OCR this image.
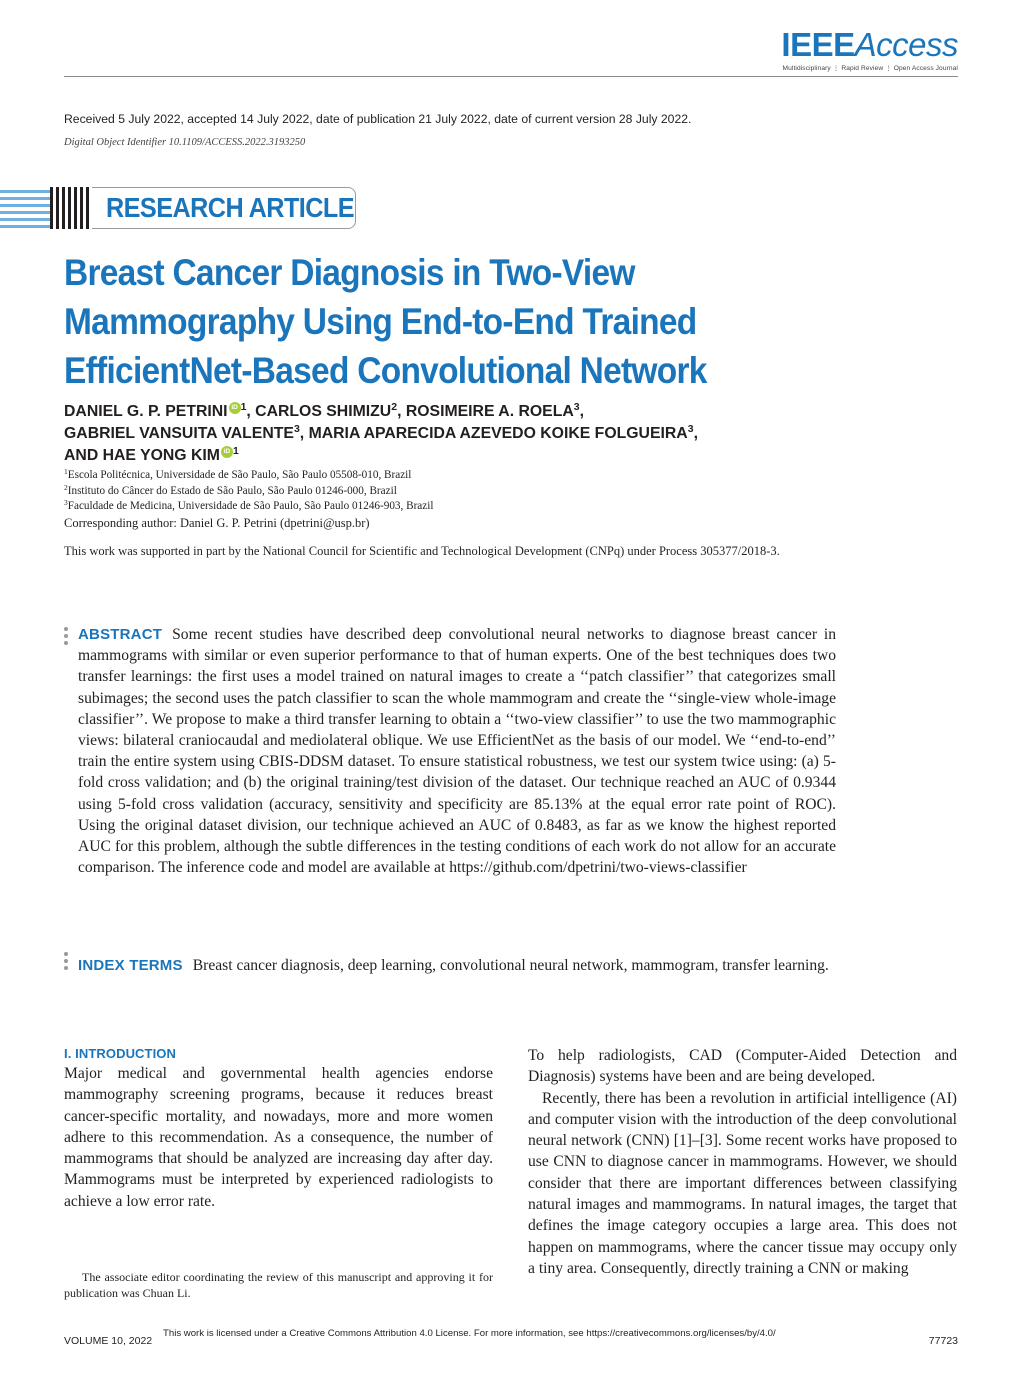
IEEEAccess
Multidisciplinary ⋮ Rapid Review ⋮ Open Access Journal
Received 5 July 2022, accepted 14 July 2022, date of publication 21 July 2022, date of current version 28 July 2022.
Digital Object Identifier 10.1109/ACCESS.2022.3193250
RESEARCH ARTICLE
Breast Cancer Diagnosis in Two-View
Mammography Using End-to-End Trained
EfficientNet-Based Convolutional Network
DANIEL G. P. PETRINI iD $^1$, CARLOS SHIMIZU$^2$, ROSIMEIRE A. ROELA$^3$,
GABRIEL VANSUITA VALENTE$^3$, MARIA APARECIDA AZEVEDO KOIKE FOLGUEIRA$^3$,
AND HAE YONG KIM iD $^1$
$^1$Escola Politécnica, Universidade de São Paulo, São Paulo 05508-010, Brazil
$^2$Instituto do Câncer do Estado de São Paulo, São Paulo 01246-000, Brazil
$^3$Faculdade de Medicina, Universidade de São Paulo, São Paulo 01246-903, Brazil
Corresponding author: Daniel G. P. Petrini (dpetrini@usp.br)
This work was supported in part by the National Council for Scientific and Technological Development (CNPq) under Process 305377/2018-3.
ABSTRACT Some recent studies have described deep convolutional neural networks to diagnose breast cancer in mammograms with similar or even superior performance to that of human experts. One of the best techniques does two transfer learnings: the first uses a model trained on natural images to create a ‘‘patch classifier’’ that categorizes small subimages; the second uses the patch classifier to scan the whole mammogram and create the ‘‘single-view whole-image classifier’’. We propose to make a third transfer learning to obtain a ‘‘two-view classifier’’ to use the two mammographic views: bilateral craniocaudal and mediolateral oblique. We use EfficientNet as the basis of our model. We ‘‘end-to-end’’ train the entire system using CBIS-DDSM dataset. To ensure statistical robustness, we test our system twice using: (a) 5-fold cross validation; and (b) the original training/test division of the dataset. Our technique reached an AUC of 0.9344 using 5-fold cross validation (accuracy, sensitivity and specificity are 85.13% at the equal error rate point of ROC). Using the original dataset division, our technique achieved an AUC of 0.8483, as far as we know the highest reported AUC for this problem, although the subtle differences in the testing conditions of each work do not allow for an accurate comparison. The inference code and model are available at https://github.com/dpetrini/two-views-classifier
INDEX TERMS Breast cancer diagnosis, deep learning, convolutional neural network, mammogram, transfer learning.
I. INTRODUCTION

Major medical and governmental health agencies endorse mammography screening programs, because it reduces breast cancer-specific mortality, and nowadays, more and more women adhere to this recommendation. As a consequence, the number of mammograms that should be analyzed are increasing day after day. Mammograms must be interpreted by experienced radiologists to achieve a low error rate.

To help radiologists, CAD (Computer-Aided Detection and Diagnosis) systems have been and are being developed.

Recently, there has been a revolution in artificial intelligence (AI) and computer vision with the introduction of the deep convolutional neural network (CNN) [1]–[3]. Some recent works have proposed to use CNN to diagnose cancer in mammograms. However, we should consider that there are important differences between classifying natural images and mammograms. In natural images, the target that defines the image category occupies a large area. This does not happen on mammograms, where the cancer tissue may occupy only a tiny area. Consequently, directly training a CNN or making

The associate editor coordinating the review of this manuscript and approving it for publication was Chuan Li.
VOLUME 10, 2022
This work is licensed under a Creative Commons Attribution 4.0 License. For more information, see https://creativecommons.org/licenses/by/4.0/
77723
